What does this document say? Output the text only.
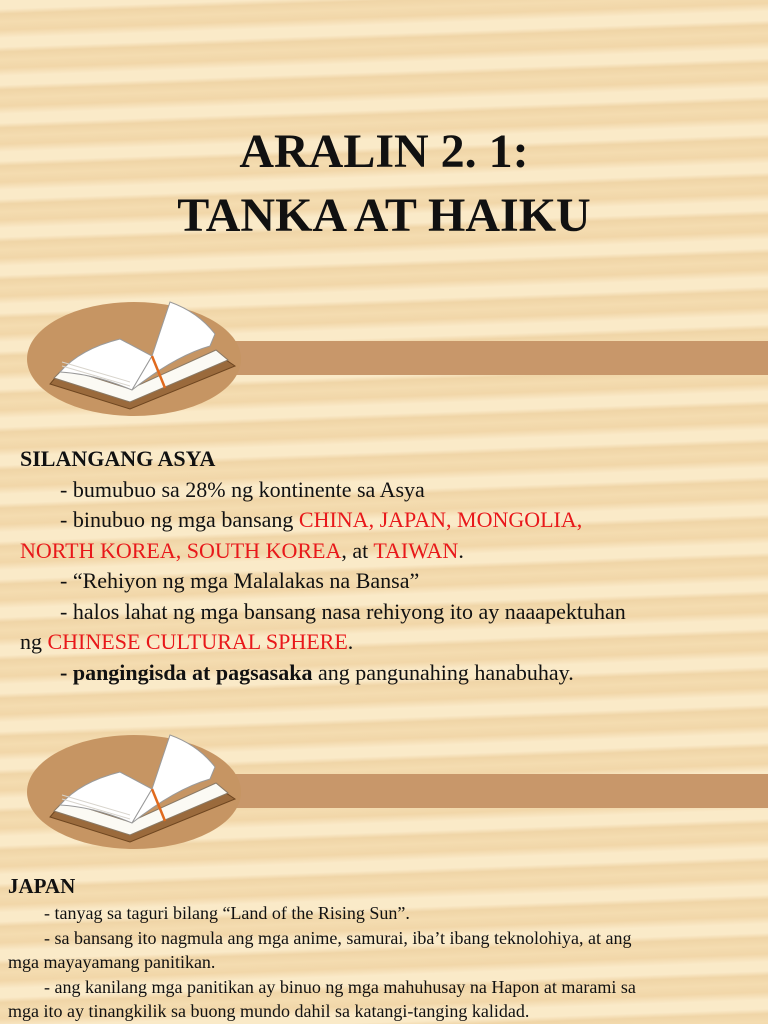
ARALIN 2. 1:
TANKA AT HAIKU

SILANGANG ASYA

- bumubuo sa 28% ng kontinente sa Asya

- binubuo ng mga bansang CHINA, JAPAN, MONGOLIA,

NORTH KOREA, SOUTH KOREA, at TAIWAN.

- “Rehiyon ng mga Malalakas na Bansa”

- halos lahat ng mga bansang nasa rehiyong ito ay naaapektuhan

ng CHINESE CULTURAL SPHERE.

- pangingisda at pagsasaka ang pangunahing hanabuhay.

JAPAN

- tanyag sa taguri bilang “Land of the Rising Sun”.

- sa bansang ito nagmula ang mga anime, samurai, iba’t ibang teknolohiya, at ang

mga mayayamang panitikan.

- ang kanilang mga panitikan ay binuo ng mga mahuhusay na Hapon at marami sa

mga ito ay tinangkilik sa buong mundo dahil sa katangi-tanging kalidad.
